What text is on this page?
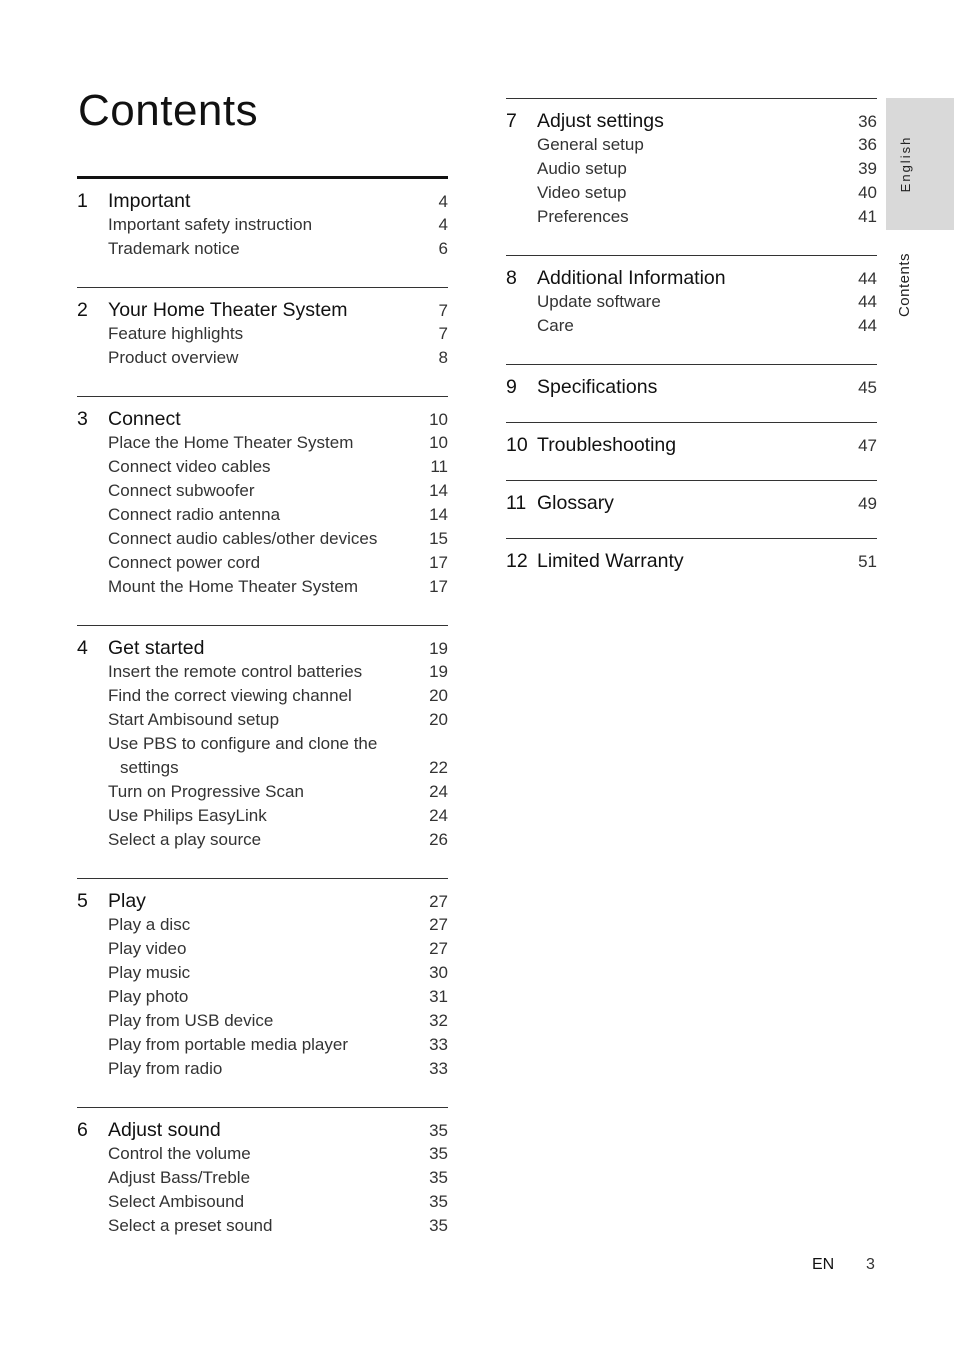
Contents
1	Important	4
Important safety instruction	4
Trademark notice	6
2	Your Home Theater System	7
Feature highlights	7
Product overview	8
3	Connect	10
Place the Home Theater System	10
Connect video cables	11
Connect subwoofer	14
Connect radio antenna	14
Connect audio cables/other devices	15
Connect power cord	17
Mount the Home Theater System	17
4	Get started	19
Insert the remote control batteries	19
Find the correct viewing channel	20
Start Ambisound setup	20
Use PBS to configure and clone the
settings	22
Turn on Progressive Scan	24
Use Philips EasyLink	24
Select a play source	26
5	Play	27
Play a disc	27
Play video	27
Play music	30
Play photo	31
Play from USB device	32
Play from portable media player	33
Play from radio	33
6	Adjust sound	35
Control the volume	35
Adjust Bass/Treble	35
Select Ambisound	35
Select a preset sound	35
7	Adjust settings	36
General setup	36
Audio setup	39
Video setup	40
Preferences	41
8	Additional Information	44
Update software	44
Care	44
9	Specifications	45
10 Troubleshooting	47
11 Glossary	49
12 Limited Warranty	51
English
Contents
EN 3
